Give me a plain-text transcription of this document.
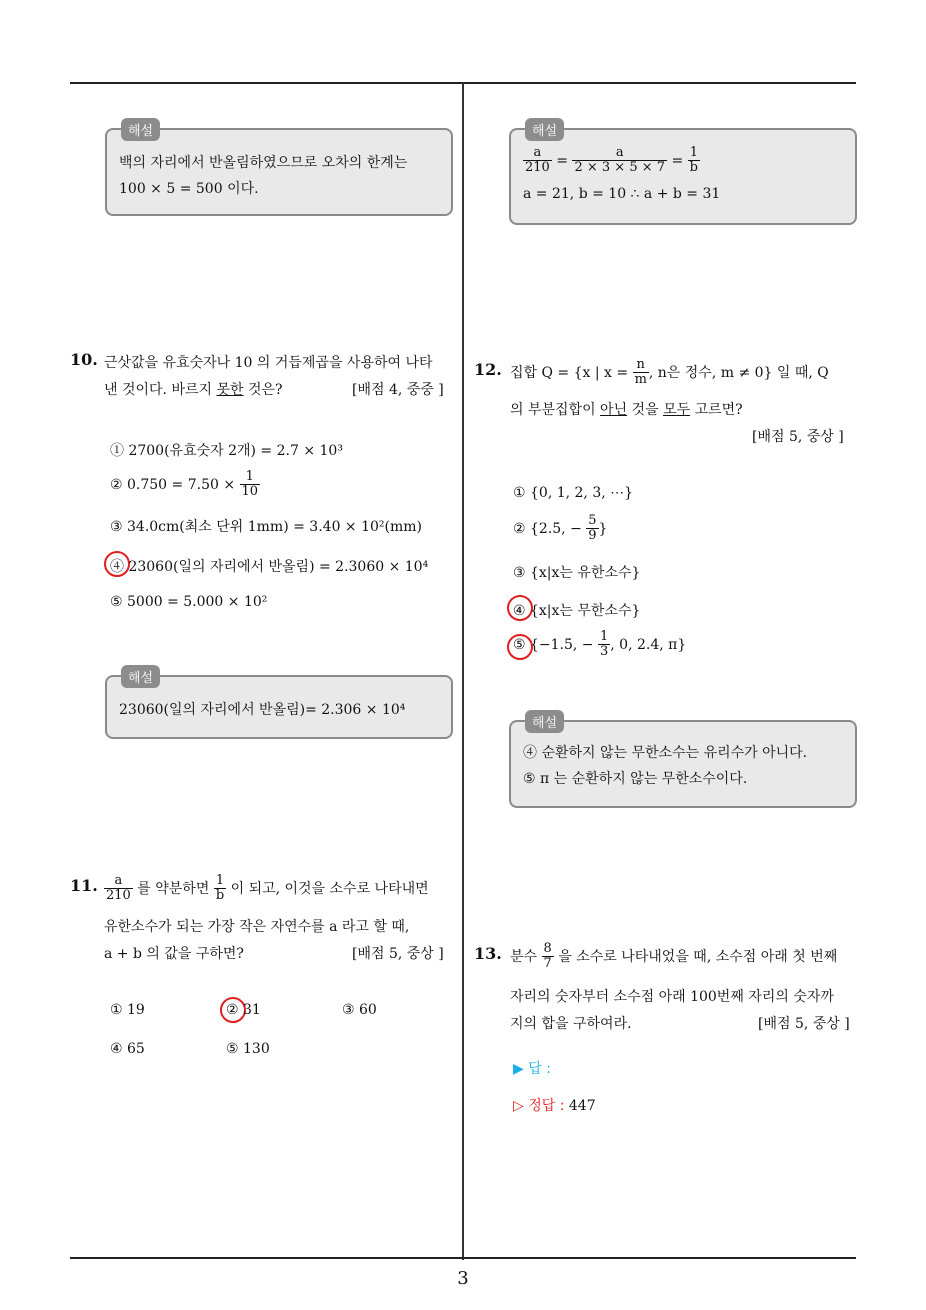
해설
백의 자리에서 반올림하였으므로 오차의 한계는
100 × 5 = 500 이다.
해설
$\frac{a}{210} = \frac{a}{2 \times 3 \times 5 \times 7} = \frac{1}{b}$
a = 21, b = 10 ∴ a + b = 31
10. 근삿값을 유효숫자나 10 의 거듭제곱을 사용하여 나타
낸 것이다. 바르지 못한 것은?	[배점 4, 중중 ]
① 2700(유효숫자 2개) = 2.7 × 10³
② $0.750 = 7.50 \times \frac{1}{10}$
③ 34.0cm(최소 단위 1mm) = 3.40 × 10²(mm)
④ 23060(일의 자리에서 반올림) = 2.3060 × 10⁴
⑤ 5000 = 5.000 × 10²
해설
23060(일의 자리에서 반올림)= 2.306 × 10⁴
11. $\frac{a}{210}$ 를 약분하면 $\frac{1}{b}$ 이 되고, 이것을 소수로 나타내면
유한소수가 되는 가장 작은 자연수를 a 라고 할 때,
a + b 의 값을 구하면?	[배점 5, 중상 ]
① 19	② 31	③ 60
④ 65	⑤ 130
12. 집합 Q = {x | $x = \frac{n}{m}$ , n은 정수, m ≠ 0} 일 때, Q
의 부분집합이 아닌 것을 모두 고르면?
[배점 5, 중상 ]
① {0, 1, 2, 3, ⋯}
② {2.5̇, − $\frac{5}{9}$ }
③ {x|x는 유한소수}
④ {x|x는 무한소수}
⑤ {−1.5̇, − $\frac{1}{3}$ , 0, 2.4̇, π}
해설
④ 순환하지 않는 무한소수는 유리수가 아니다.
⑤ π 는 순환하지 않는 무한소수이다.
13. 분수 $\frac{8}{7}$ 을 소수로 나타내었을 때, 소수점 아래 첫 번째
자리의 숫자부터 소수점 아래 100번째 자리의 숫자까
지의 합을 구하여라.	[배점 5, 중상 ]
▶ 답 :
▷ 정답 : 447
3
